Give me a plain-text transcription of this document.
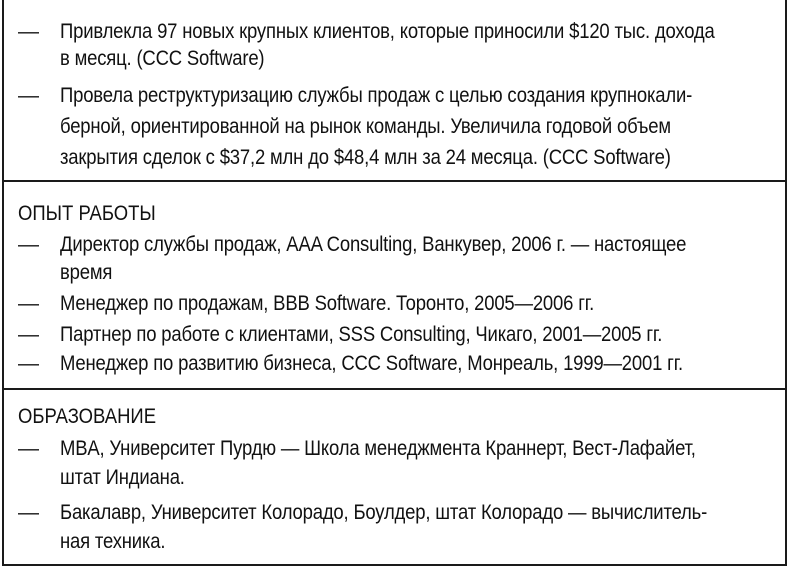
— Привлекла 97 новых крупных клиентов, которые приносили $120 тыс. дохода
в месяц. (CCC Software)
— Провела реструктуризацию службы продаж с целью создания крупнокали-
берной, ориентированной на рынок команды. Увеличила годовой объем
закрытия сделок с $37,2 млн до $48,4 млн за 24 месяца. (CCC Software)
ОПЫТ РАБОТЫ
— Директор службы продаж, AAA Consulting, Ванкувер, 2006 г. — настоящее
время
— Менеджер по продажам, BBB Software. Торонто, 2005—2006 гг.
— Партнер по работе с клиентами, SSS Consulting, Чикаго, 2001—2005 гг.
— Менеджер по развитию бизнеса, CCC Software, Монреаль, 1999—2001 гг.
ОБРАЗОВАНИЕ
— MBA, Университет Пурдю — Школа менеджмента Краннерт, Вест-Лафайет,
штат Индиана.
— Бакалавр, Университет Колорадо, Боулдер, штат Колорадо — вычислитель-
ная техника.
